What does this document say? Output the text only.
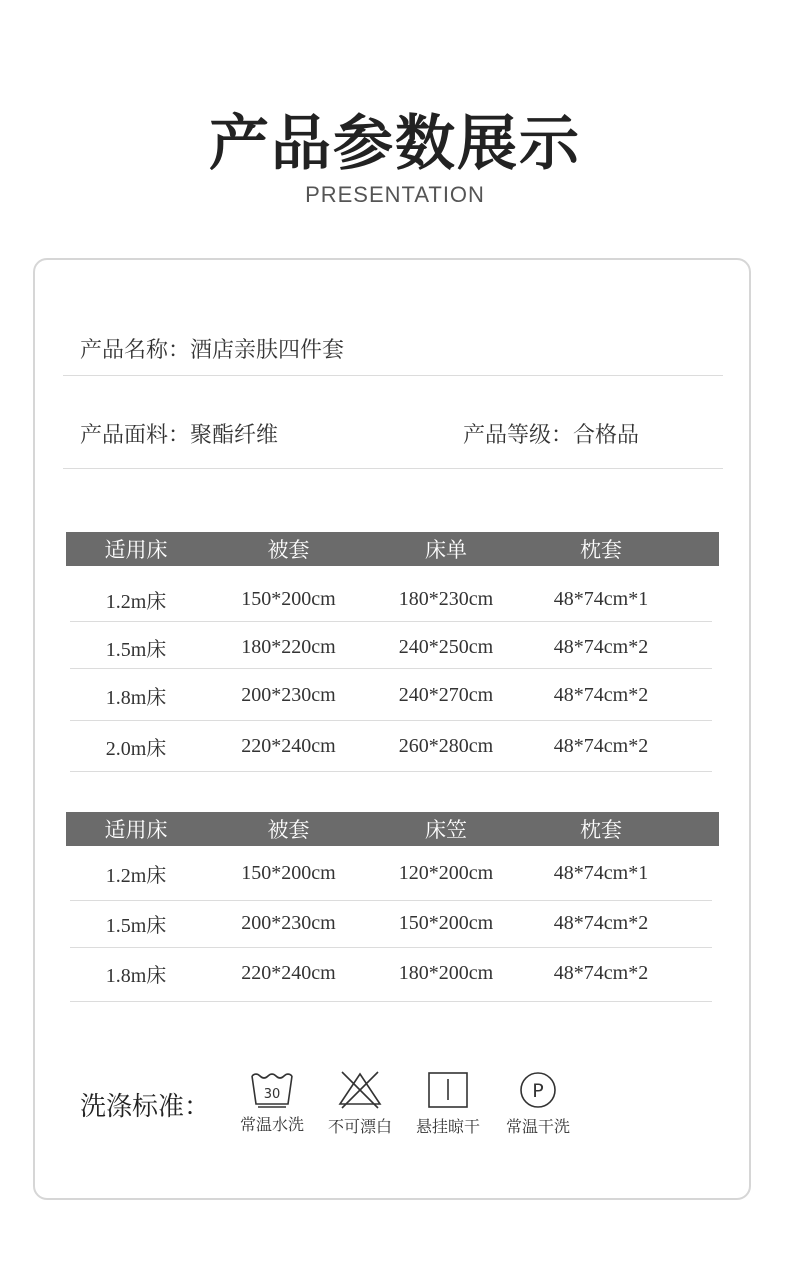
产品参数展示
PRESENTATION
产品名称：酒店亲肤四件套
产品面料：聚酯纤维	产品等级：合格品
适用床	被套	床单	枕套
1.2m床	150*200cm	180*230cm	48*74cm*1
1.5m床	180*220cm	240*250cm	48*74cm*2
1.8m床	200*230cm	240*270cm	48*74cm*2
2.0m床	220*240cm	260*280cm	48*74cm*2
适用床	被套	床笠	枕套
1.2m床	150*200cm	120*200cm	48*74cm*1
1.5m床	200*230cm	150*200cm	48*74cm*2
1.8m床	220*240cm	180*200cm	48*74cm*2
洗涤标准：	30
常温水洗	不可漂白	悬挂晾干
P
常温干洗
